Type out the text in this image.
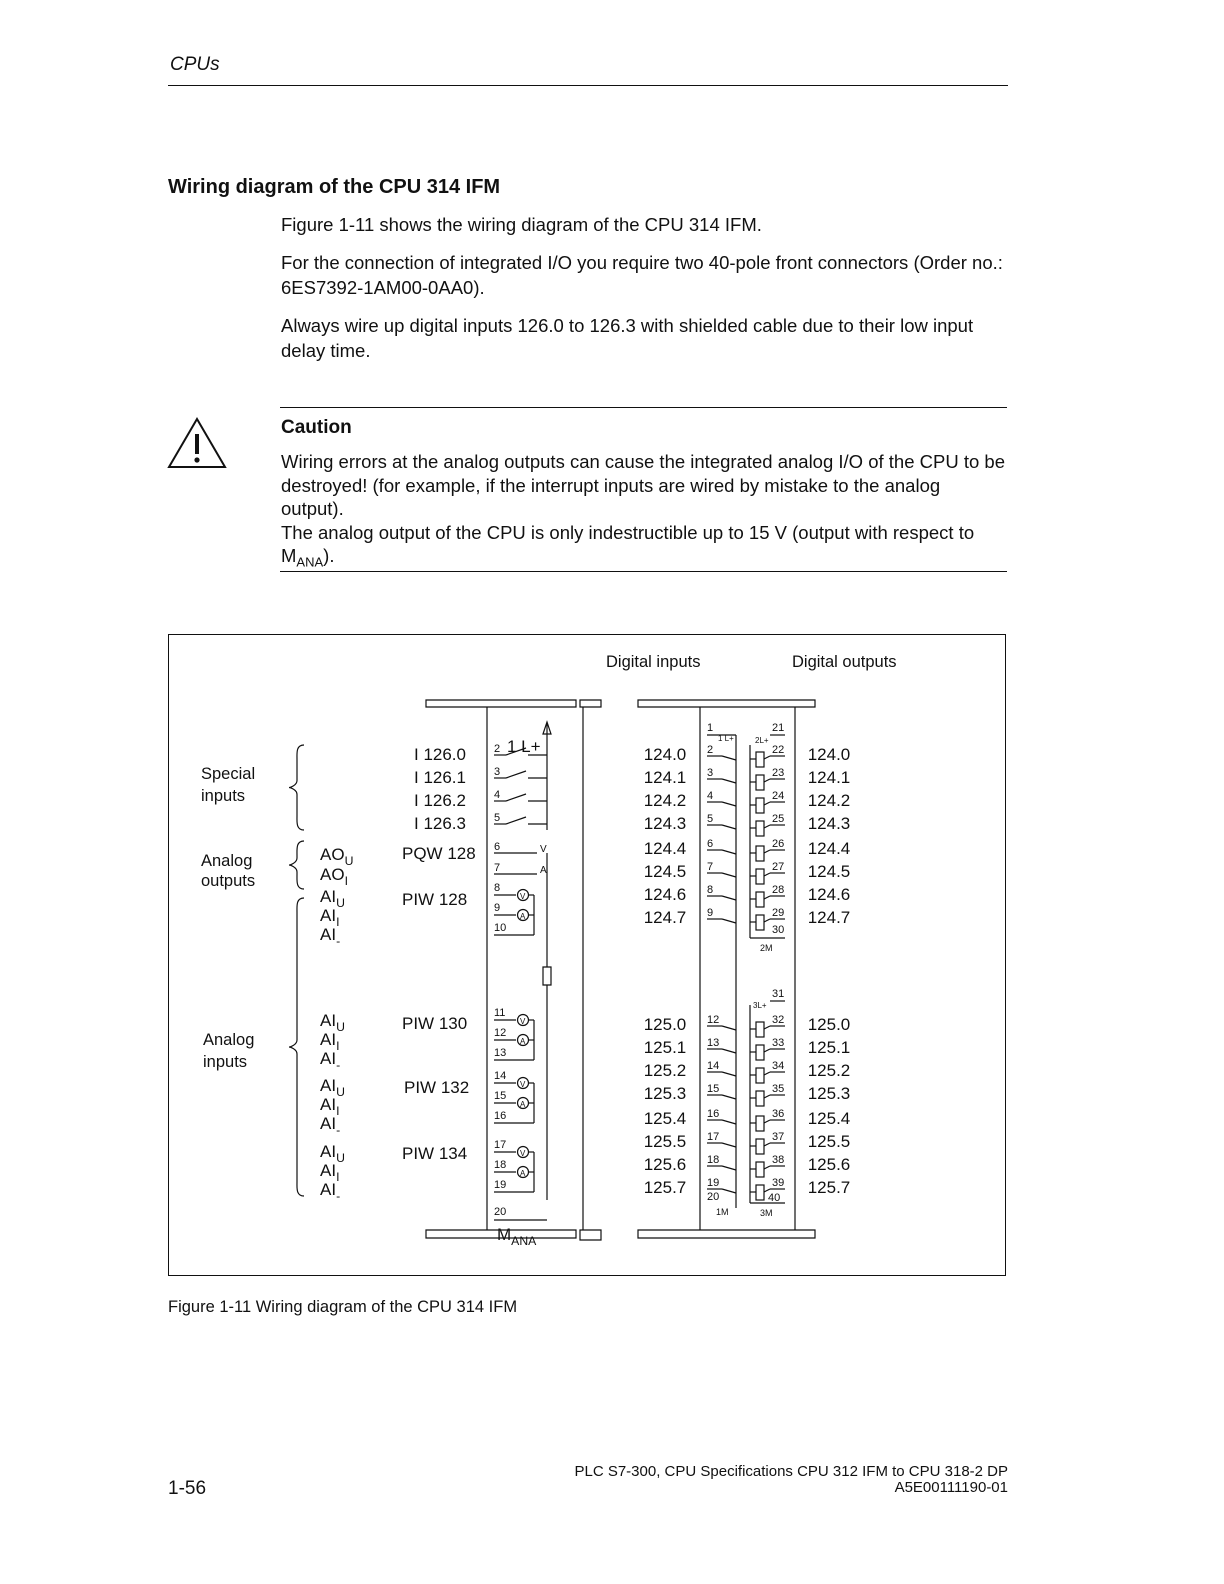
CPUs
Wiring diagram of the CPU 314 IFM
Figure 1-11 shows the wiring diagram of the CPU 314 IFM.
For the connection of integrated I/O you require two 40-pole front connectors (Order no.: 6ES7392-1AM00-0AA0).
Always wire up digital inputs 126.0 to 126.3 with shielded cable due to their low input delay time.
Caution
Wiring errors at the analog outputs can cause the integrated analog I/O of the CPU to be destroyed! (for example, if the interrupt inputs are wired by mistake to the analog output).
The analog output of the CPU is only indestructible up to 15 V (output with respect to $M_{ANA}$).
Digital inputs	Digital outputs
Special
inputs
Analog
outputs
Analog
inputs
I 126.0
I 126.1
I 126.2
I 126.3
PQW 128
$AO_U$
$AO_I$
PIW 128
PIW 130
PIW 132
PIW 134
$AI_U$
$AI_I$
$AI_-$
$AI_U$
$AI_I$
$AI_-$
$AI_U$
$AI_I$
$AI_-$
$AI_U$
$AI_I$
$AI_-$
1 L+
2
3
4
5
6
7
V
A
8
9
10
V
A
11
12
13
V
A
14
15
16
V
A
17
18
19
V
A
20
$M_{ANA}$
1	21
1 L+	2L+
30
2M
31
3L+
40
1M	3M
20
124.0	124.0
2	22
124.1	124.1
3	23
124.2	124.2
4	24
124.3	124.3
5	25
124.4	124.4
6	26
124.5	124.5
7	27
124.6	124.6
8	28
124.7	124.7
9	29
125.0	125.0
12	32
125.1	125.1
13	33
125.2	125.2
14	34
125.3	125.3
15	35
125.4	125.4
16	36
125.5	125.5
17	37
125.6	125.6
18	38
125.7	125.7
19	39
Figure 1-11 Wiring diagram of the CPU 314 IFM
1-56
PLC S7-300, CPU Specifications CPU 312 IFM to CPU 318-2 DP
A5E00111190-01
